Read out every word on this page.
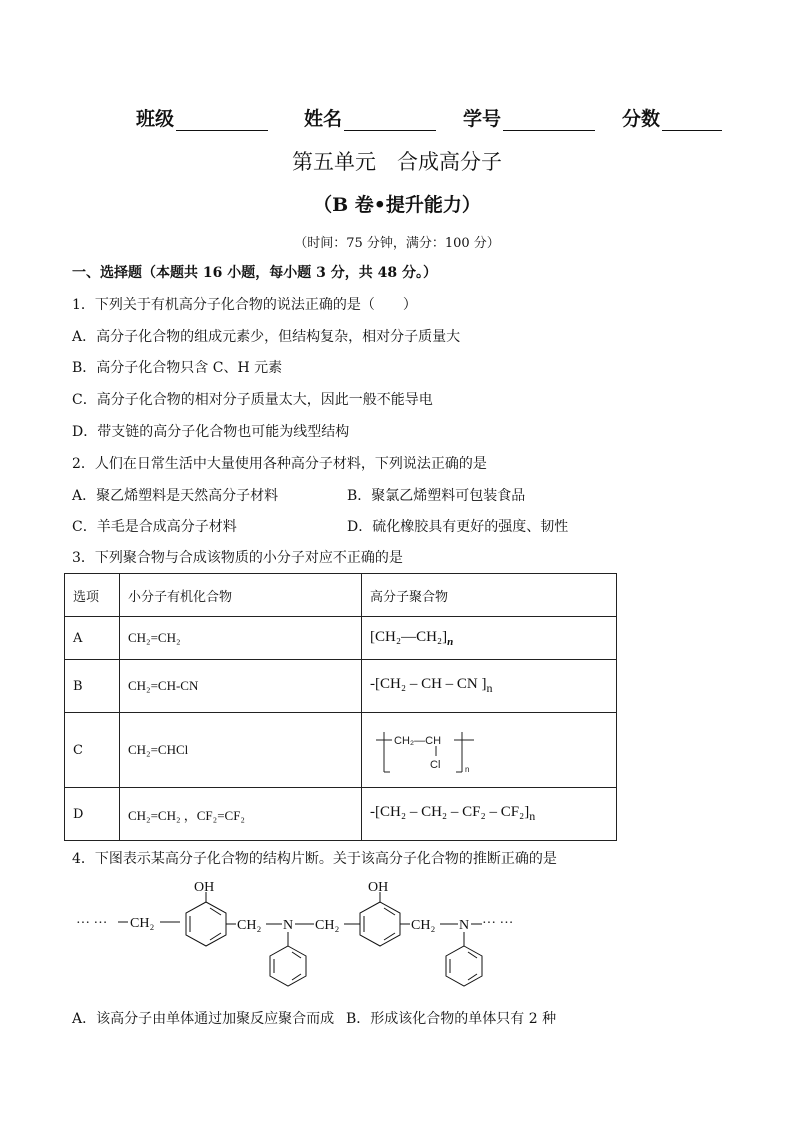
班级	姓名	学号	分数
第五单元　合成高分子
（B 卷•提升能力）
（时间：75 分钟，满分：100 分）
一、选择题（本题共 16 小题，每小题 3 分，共 48 分。）
1．下列关于有机高分子化合物的说法正确的是（　　）
A．高分子化合物的组成元素少，但结构复杂，相对分子质量大
B．高分子化合物只含 C、H 元素
C．高分子化合物的相对分子质量太大，因此一般不能导电
D．带支链的高分子化合物也可能为线型结构
2．人们在日常生活中大量使用各种高分子材料，下列说法正确的是
A．聚乙烯塑料是天然高分子材料	B．聚氯乙烯塑料可包装食品
C．羊毛是合成高分子材料	D．硫化橡胶具有更好的强度、韧性
3．下列聚合物与合成该物质的小分子对应不正确的是
选项	小分子有机化合物	高分子聚合物
A	CH₂=CH₂	$[CH_2—CH_2]_n$
B	CH₂=CH-CN	-[CH₂ – CH – CN ]$_n$
C	CH₂=CHCl	CH₂—CH
Cl n

D	CH₂=CH₂ ，CF₂=CF₂	$-[CH_2 - CH_2 - CF_2 - CF_2]_n$
4．下图表示某高分子化合物的结构片断。关于该高分子化合物的推断正确的是
··· ··· CH₂
OH
CH₂ N CH₂
OH
CH₂ N ··· ···
A．该高分子由单体通过加聚反应聚合而成 B．形成该化合物的单体只有 2 种
